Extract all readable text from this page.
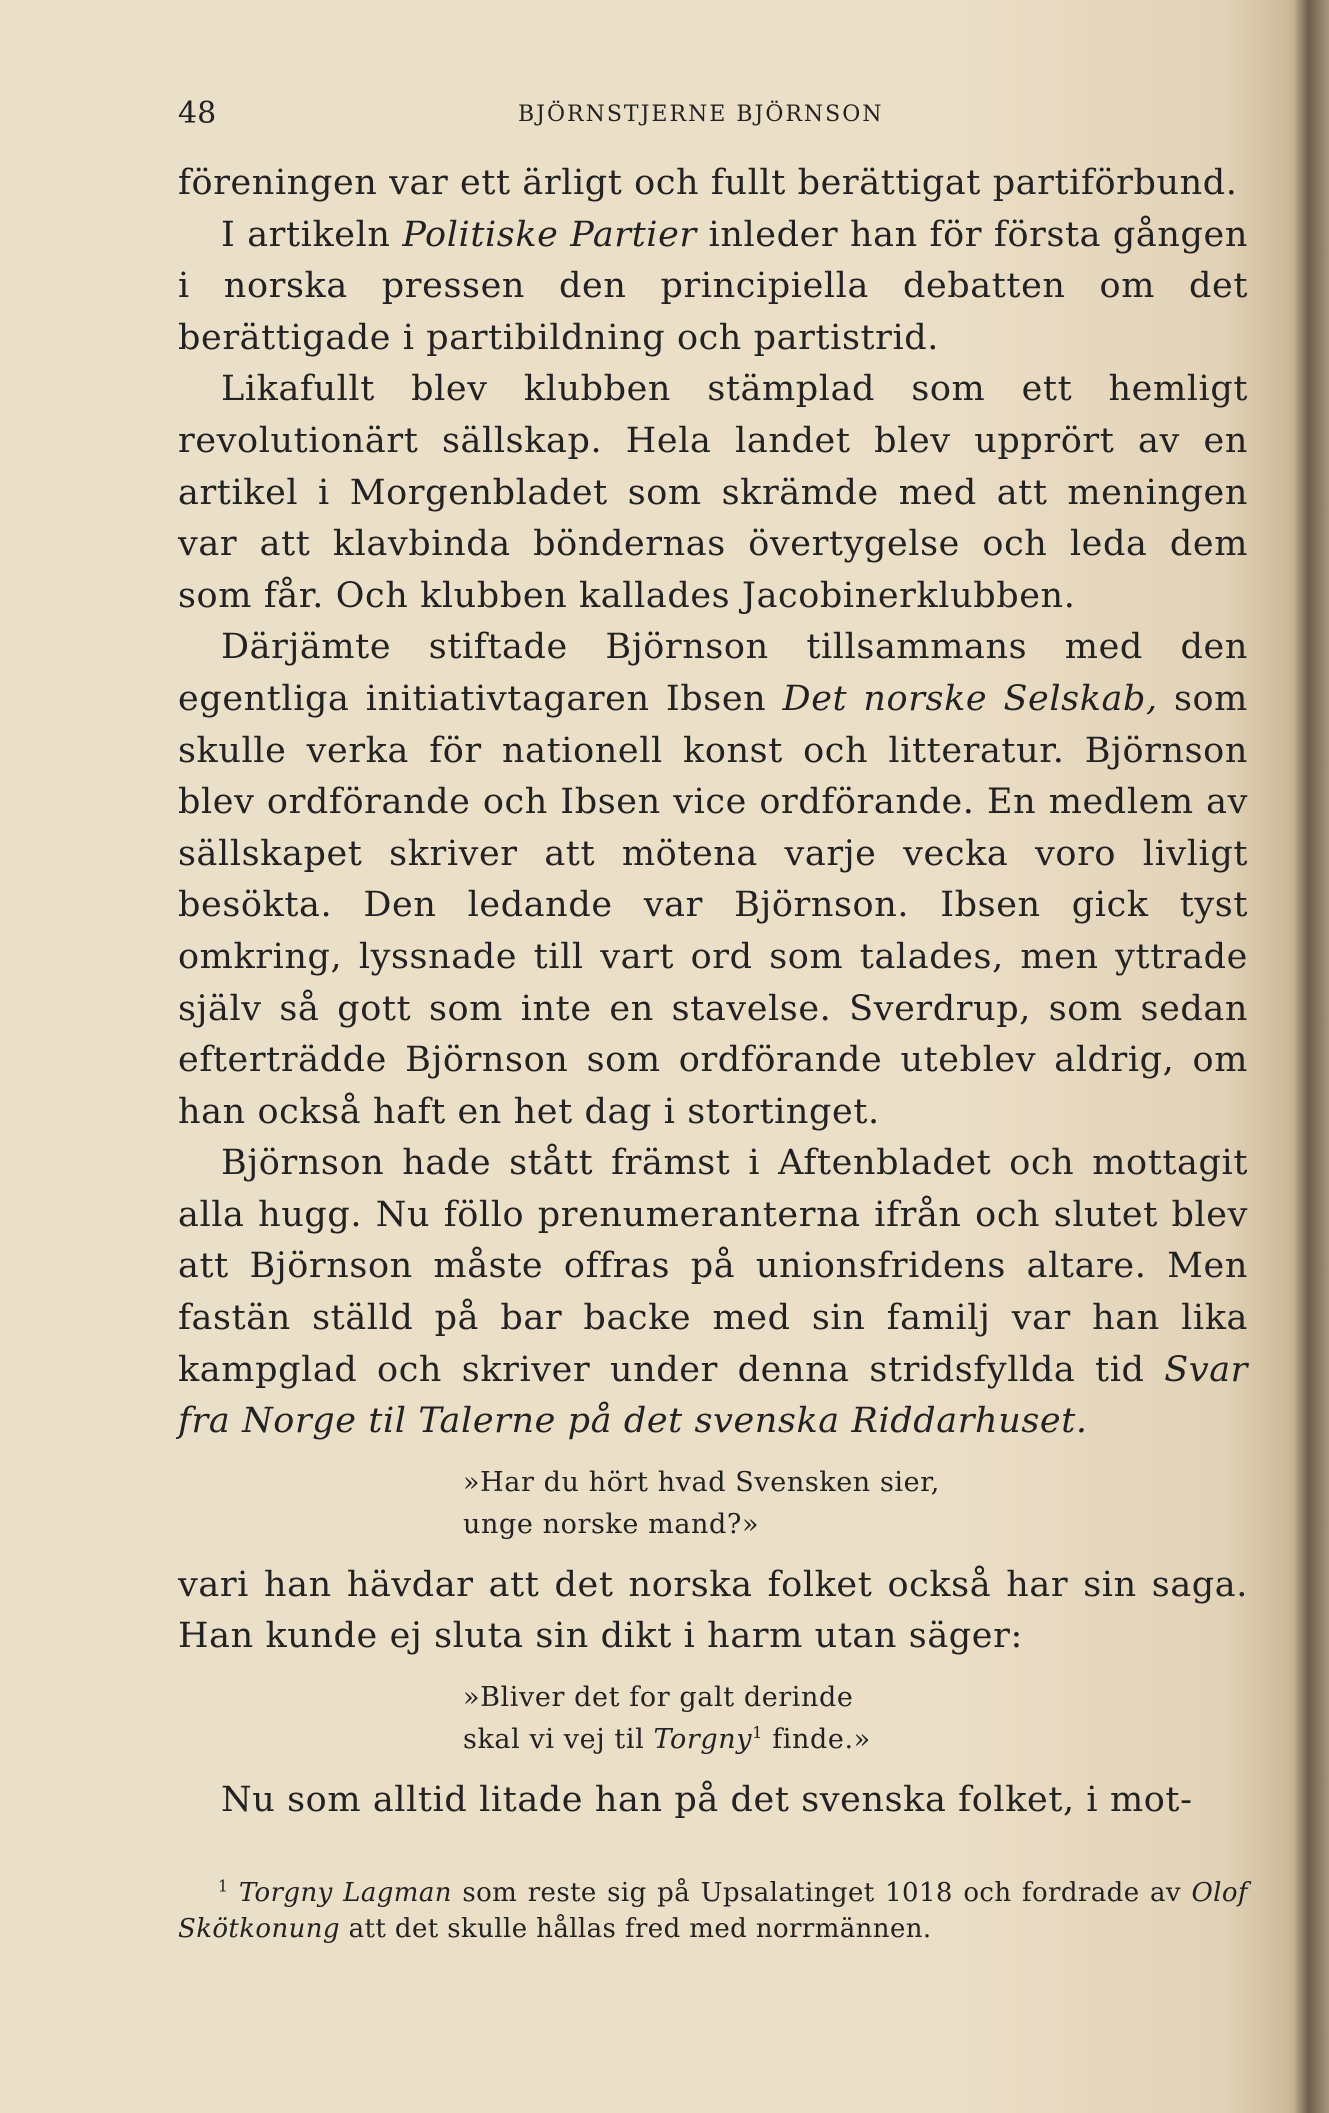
48	BJÖRNSTJERNE BJÖRNSON

föreningen var ett ärligt och fullt berättigat partiförbund.

I artikeln Politiske Partier inleder han för första gången i norska pressen den principiella debatten om det berättigade i partibildning och partistrid.

Likafullt blev klubben stämplad som ett hemligt revolutionärt sällskap. Hela landet blev upprört av en artikel i Morgenbladet som skrämde med att meningen var att klavbinda böndernas övertygelse och leda dem som får. Och klubben kallades Jacobinerklubben.

Därjämte stiftade Björnson tillsammans med den egentliga initiativtagaren Ibsen Det norske Selskab, som skulle verka för nationell konst och litteratur. Björnson blev ordförande och Ibsen vice ordförande. En medlem av sällskapet skriver att mötena varje vecka voro livligt besökta. Den ledande var Björnson. Ibsen gick tyst omkring, lyssnade till vart ord som talades, men yttrade själv så gott som inte en stavelse. Sverdrup, som sedan efterträdde Björnson som ordförande uteblev aldrig, om han också haft en het dag i stortinget.

Björnson hade stått främst i Aftenbladet och mottagit alla hugg. Nu föllo prenumeranterna ifrån och slutet blev att Björnson måste offras på unionsfridens altare. Men fastän ställd på bar backe med sin familj var han lika kampglad och skriver under denna stridsfyllda tid Svar fra Norge til Talerne på det svenska Riddarhuset.

»Har du hört hvad Svensken sier,
unge norske mand?»

vari han hävdar att det norska folket också har sin saga. Han kunde ej sluta sin dikt i harm utan säger:

»Bliver det for galt derinde
skal vi vej til Torgny$^1$ finde.»

Nu som alltid litade han på det svenska folket, i mot-

$^1$ Torgny Lagman som reste sig på Upsalatinget 1018 och fordrade av Olof Skötkonung att det skulle hållas fred med norrmännen.
